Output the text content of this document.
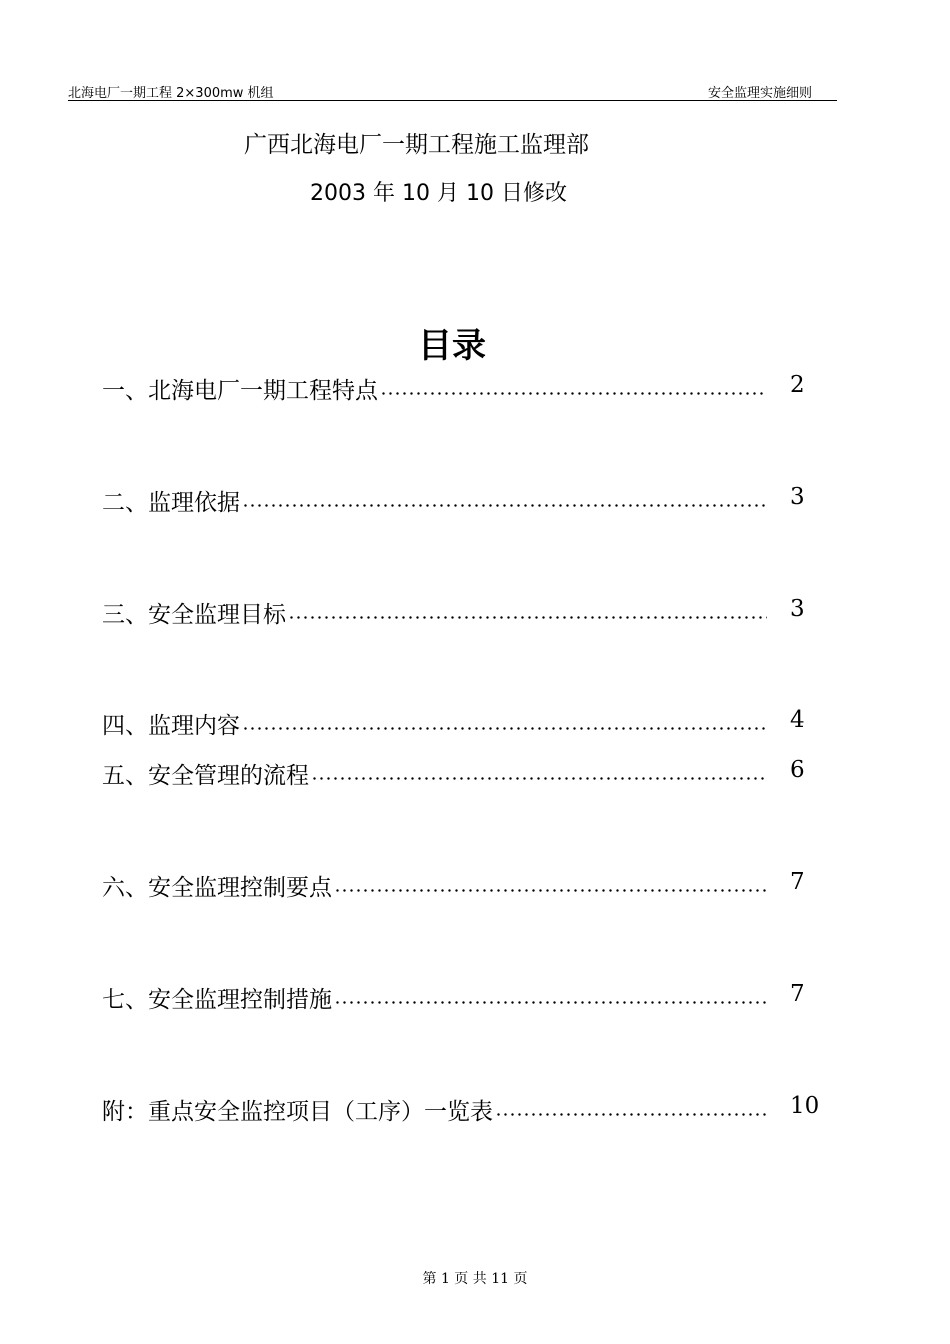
北海电厂一期工程 2×300mw 机组	安全监理实施细则
广西北海电厂一期工程施工监理部
2003 年 10 月 10 日修改
目录
一、北海电厂一期工程特点	2
二、监理依据	3
三、安全监理目标	3
四、监理内容	4
五、安全管理的流程	6
六、安全监理控制要点	7
七、安全监理控制措施	7
附：重点安全监控项目（工序）一览表	10
第 1 页 共 11 页
